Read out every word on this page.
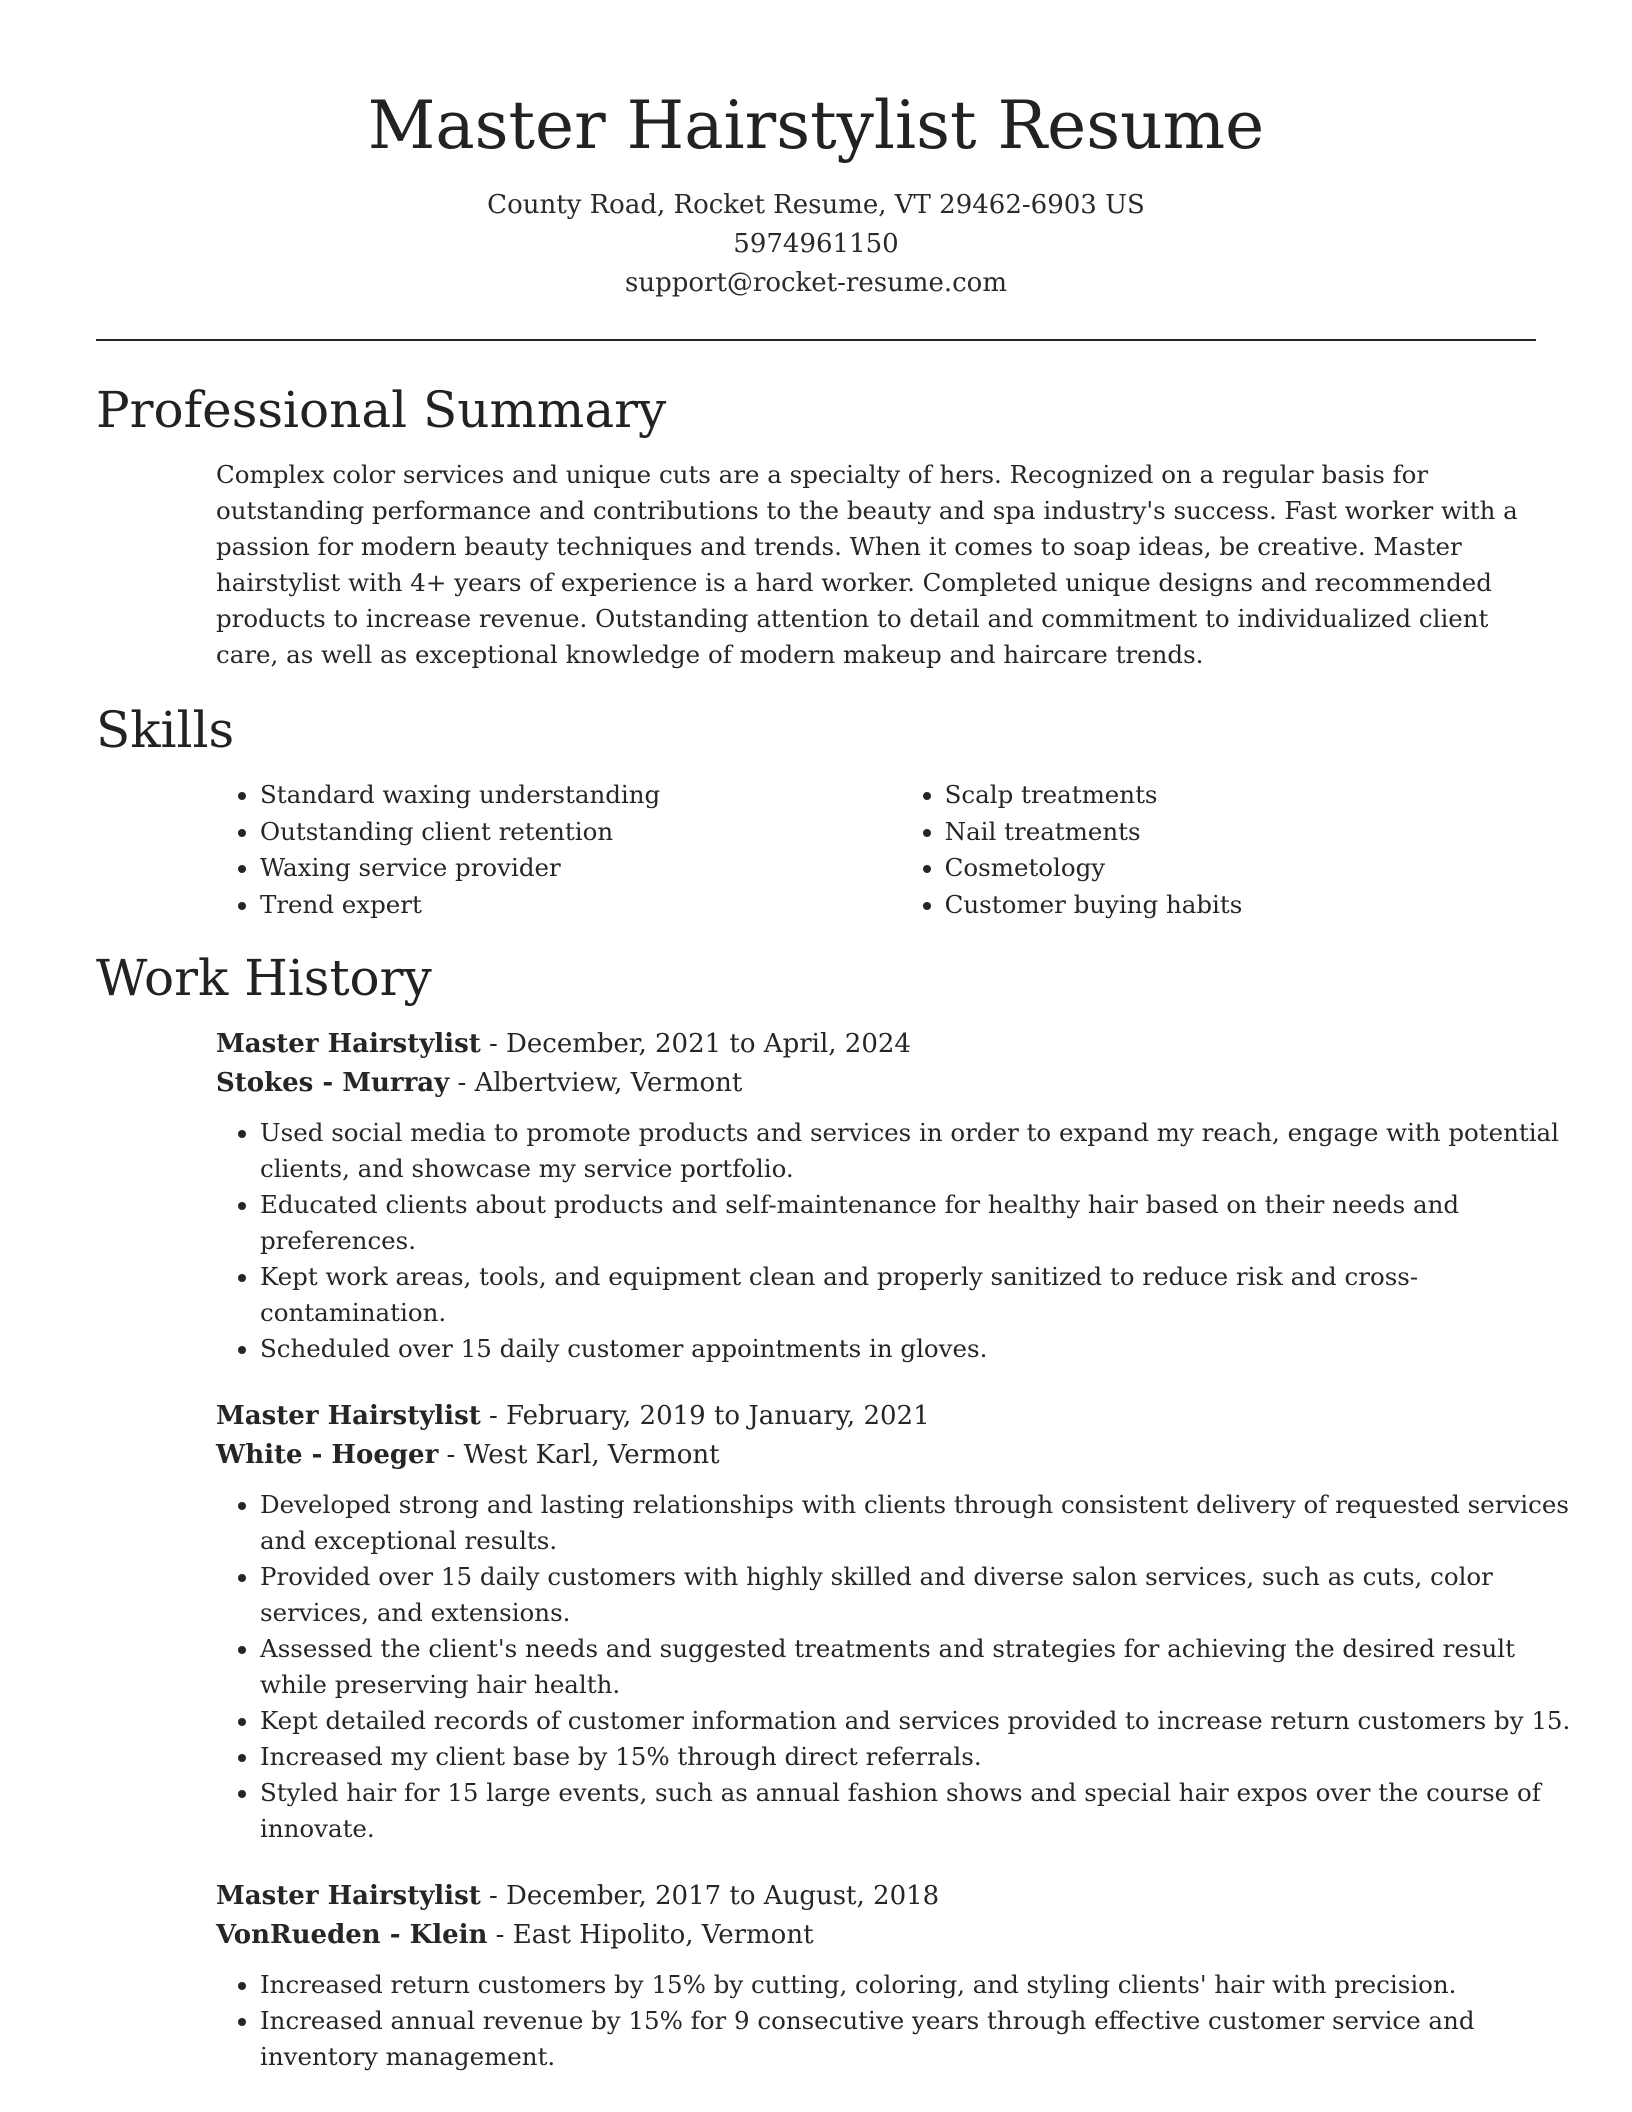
Master Hairstylist Resume
County Road, Rocket Resume, VT 29462-6903 US
5974961150
support@rocket-resume.com
Professional Summary

Complex color services and unique cuts are a specialty of hers. Recognized on a regular basis for outstanding performance and contributions to the beauty and spa industry's success. Fast worker with a passion for modern beauty techniques and trends. When it comes to soap ideas, be creative. Master hairstylist with 4+ years of experience is a hard worker. Completed unique designs and recommended products to increase revenue. Outstanding attention to detail and commitment to individualized client care, as well as exceptional knowledge of modern makeup and haircare trends.

Skills
• Standard waxing understanding
• Outstanding client retention
• Waxing service provider
• Trend expert
• Scalp treatments
• Nail treatments
• Cosmetology
• Customer buying habits
Work History
Master Hairstylist - December, 2021 to April, 2024
Stokes - Murray - Albertview, Vermont
• Used social media to promote products and services in order to expand my reach, engage with potential clients, and showcase my service portfolio.
• Educated clients about products and self-maintenance for healthy hair based on their needs and preferences.
• Kept work areas, tools, and equipment clean and properly sanitized to reduce risk and cross-contamination.
• Scheduled over 15 daily customer appointments in gloves.
Master Hairstylist - February, 2019 to January, 2021
White - Hoeger - West Karl, Vermont
• Developed strong and lasting relationships with clients through consistent delivery of requested services and exceptional results.
• Provided over 15 daily customers with highly skilled and diverse salon services, such as cuts, color services, and extensions.
• Assessed the client's needs and suggested treatments and strategies for achieving the desired result while preserving hair health.
• Kept detailed records of customer information and services provided to increase return customers by 15.
• Increased my client base by 15% through direct referrals.
• Styled hair for 15 large events, such as annual fashion shows and special hair expos over the course of innovate.
Master Hairstylist - December, 2017 to August, 2018
VonRueden - Klein - East Hipolito, Vermont
• Increased return customers by 15% by cutting, coloring, and styling clients' hair with precision.
• Increased annual revenue by 15% for 9 consecutive years through effective customer service and inventory management.
